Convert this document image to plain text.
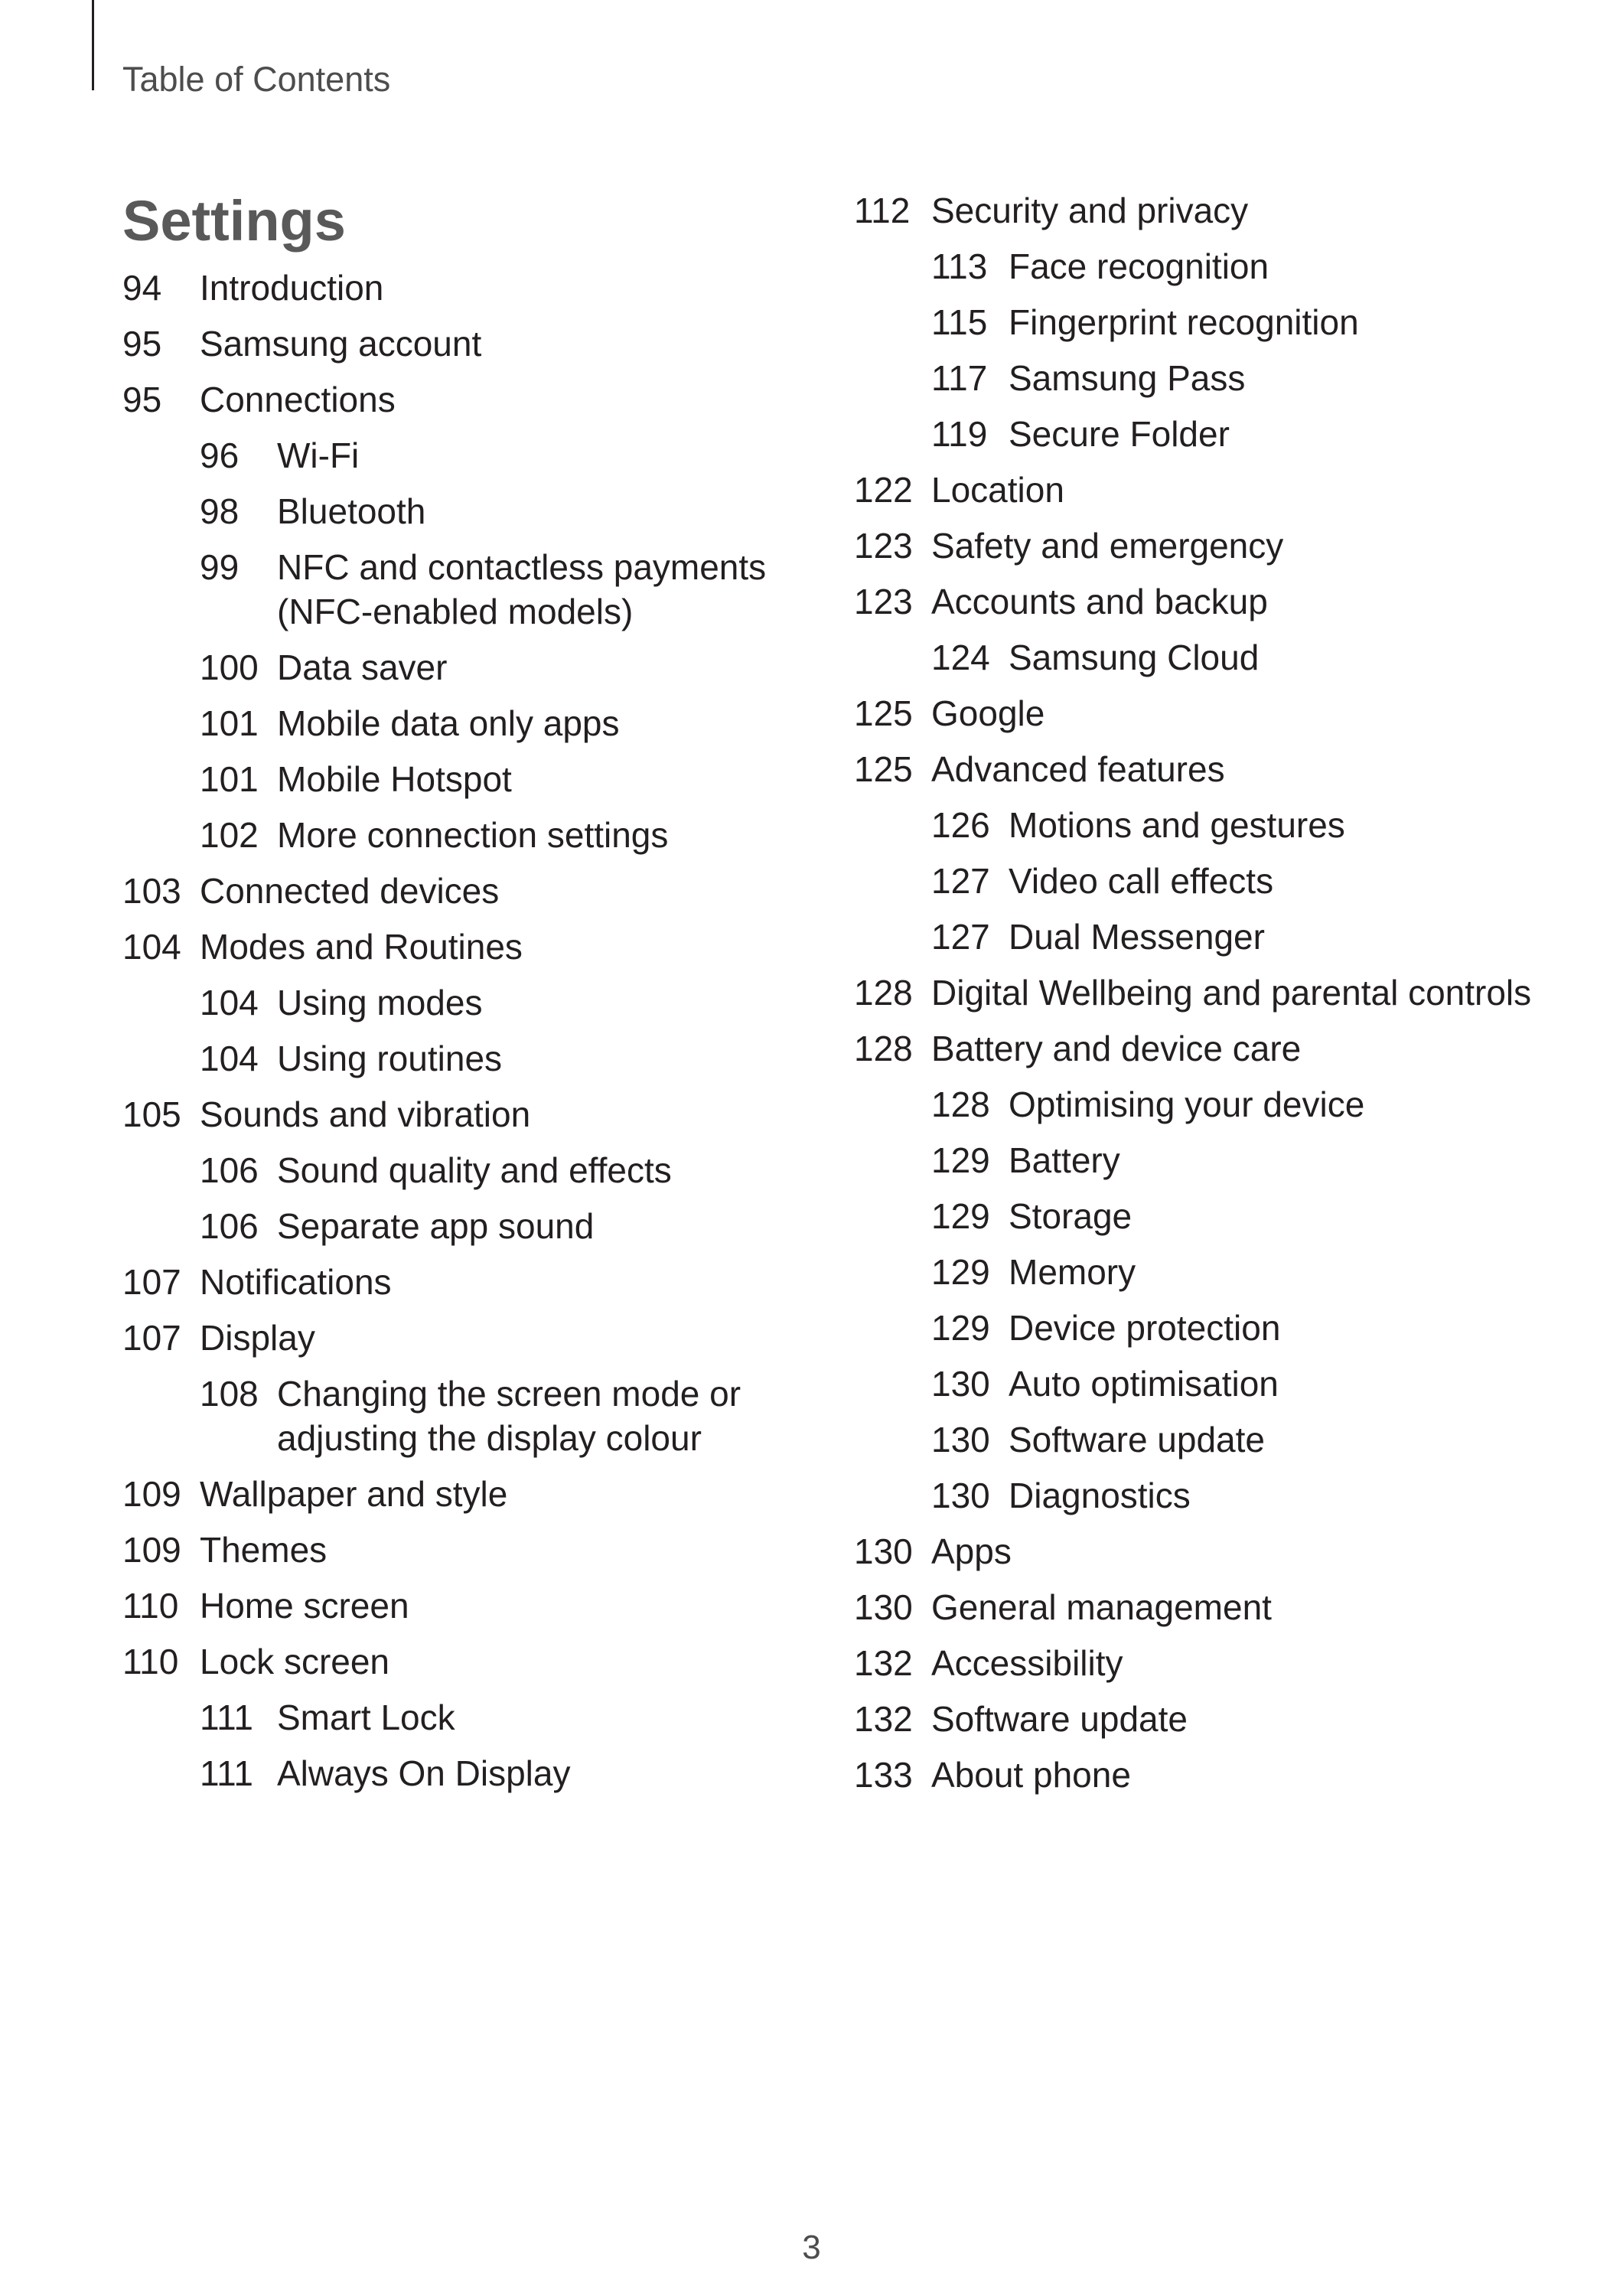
Table of Contents
Settings
94	Introduction
95	Samsung account
95	Connections
96	Wi-Fi
98	Bluetooth
99	NFC and contactless payments (NFC-enabled models)
100 Data saver
101 Mobile data only apps
101 Mobile Hotspot
102 More connection settings
103 Connected devices
104 Modes and Routines
104 Using modes
104 Using routines
105 Sounds and vibration
106 Sound quality and effects
106 Separate app sound
107 Notifications
107 Display
108 Changing the screen mode or adjusting the display colour
109 Wallpaper and style
109 Themes
110 Home screen
110 Lock screen
111 Smart Lock
111 Always On Display
112 Security and privacy
113 Face recognition
115 Fingerprint recognition
117 Samsung Pass
119 Secure Folder
122 Location
123 Safety and emergency
123 Accounts and backup
124 Samsung Cloud
125 Google
125 Advanced features
126 Motions and gestures
127 Video call effects
127 Dual Messenger
128 Digital Wellbeing and parental controls
128 Battery and device care
128 Optimising your device
129 Battery
129 Storage
129 Memory
129 Device protection
130 Auto optimisation
130 Software update
130 Diagnostics
130 Apps
130 General management
132 Accessibility
132 Software update
133 About phone
3
